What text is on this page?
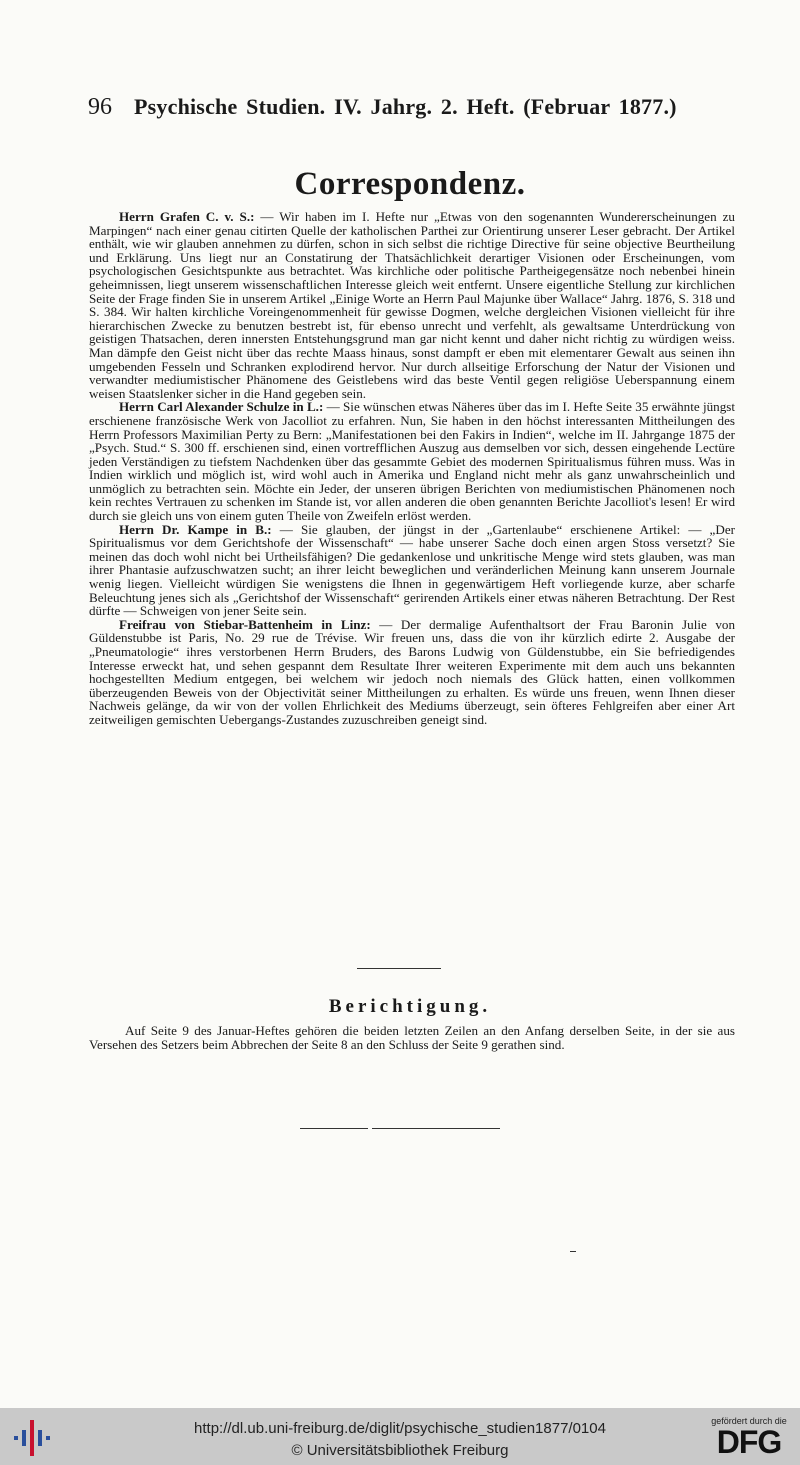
96 Psychische Studien. IV. Jahrg. 2. Heft. (Februar 1877.)
Correspondenz.

Herrn Grafen C. v. S.: — Wir haben im I. Hefte nur „Etwas von den sogenannten Wundererscheinungen zu Marpingen“ nach einer genau citirten Quelle der katholischen Parthei zur Orientirung unserer Leser gebracht. Der Artikel enthält, wie wir glauben annehmen zu dürfen, schon in sich selbst die richtige Directive für seine objective Beurtheilung und Erklärung. Uns liegt nur an Constatirung der Thatsächlichkeit derartiger Visionen oder Erscheinungen, vom psychologischen Gesichtspunkte aus betrachtet. Was kirchliche oder politische Partheigegensätze noch nebenbei hinein geheimnissen, liegt unserem wissenschaftlichen Interesse gleich weit entfernt. Unsere eigentliche Stellung zur kirchlichen Seite der Frage finden Sie in unserem Artikel „Einige Worte an Herrn Paul Majunke über Wallace“ Jahrg. 1876, S. 318 und S. 384. Wir halten kirchliche Voreingenommenheit für gewisse Dogmen, welche dergleichen Visionen vielleicht für ihre hierarchischen Zwecke zu benutzen bestrebt ist, für ebenso unrecht und verfehlt, als gewaltsame Unterdrückung von geistigen Thatsachen, deren innersten Entstehungsgrund man gar nicht kennt und daher nicht richtig zu würdigen weiss. Man dämpfe den Geist nicht über das rechte Maass hinaus, sonst dampft er eben mit elementarer Gewalt aus seinen ihn umgebenden Fesseln und Schranken explodirend hervor. Nur durch allseitige Erforschung der Natur der Visionen und verwandter mediumistischer Phänomene des Geistlebens wird das beste Ventil gegen religiöse Ueberspannung einem weisen Staatslenker sicher in die Hand gegeben sein.

Herrn Carl Alexander Schulze in L.: — Sie wünschen etwas Näheres über das im I. Hefte Seite 35 erwähnte jüngst erschienene französische Werk von Jacolliot zu erfahren. Nun, Sie haben in den höchst interessanten Mittheilungen des Herrn Professors Maximilian Perty zu Bern: „Manifestationen bei den Fakirs in Indien“, welche im II. Jahrgange 1875 der „Psych. Stud.“ S. 300 ff. erschienen sind, einen vortrefflichen Auszug aus demselben vor sich, dessen eingehende Lectüre jeden Verständigen zu tiefstem Nachdenken über das gesammte Gebiet des modernen Spiritualismus führen muss. Was in Indien wirklich und möglich ist, wird wohl auch in Amerika und England nicht mehr als ganz unwahrscheinlich und unmöglich zu betrachten sein. Möchte ein Jeder, der unseren übrigen Berichten von mediumistischen Phänomenen noch kein rechtes Vertrauen zu schenken im Stande ist, vor allen anderen die oben genannten Berichte Jacolliot's lesen! Er wird durch sie gleich uns von einem guten Theile von Zweifeln erlöst werden.

Herrn Dr. Kampe in B.: — Sie glauben, der jüngst in der „Gartenlaube“ erschienene Artikel: — „Der Spiritualismus vor dem Gerichtshofe der Wissenschaft“ — habe unserer Sache doch einen argen Stoss versetzt? Sie meinen das doch wohl nicht bei Urtheilsfähigen? Die gedankenlose und unkritische Menge wird stets glauben, was man ihrer Phantasie aufzuschwatzen sucht; an ihrer leicht beweglichen und veränderlichen Meinung kann unserem Journale wenig liegen. Vielleicht würdigen Sie wenigstens die Ihnen in gegenwärtigem Heft vorliegende kurze, aber scharfe Beleuchtung jenes sich als „Gerichtshof der Wissenschaft“ gerirenden Artikels einer etwas näheren Betrachtung. Der Rest dürfte — Schweigen von jener Seite sein.

Freifrau von Stiebar-Battenheim in Linz: — Der dermalige Aufenthaltsort der Frau Baronin Julie von Güldenstubbe ist Paris, No. 29 rue de Trévise. Wir freuen uns, dass die von ihr kürzlich edirte 2. Ausgabe der „Pneumatologie“ ihres verstorbenen Herrn Bruders, des Barons Ludwig von Güldenstubbe, ein Sie befriedigendes Interesse erweckt hat, und sehen gespannt dem Resultate Ihrer weiteren Experimente mit dem auch uns bekannten hochgestellten Medium entgegen, bei welchem wir jedoch noch niemals des Glück hatten, einen vollkommen überzeugenden Beweis von der Objectivität seiner Mittheilungen zu erhalten. Es würde uns freuen, wenn Ihnen dieser Nachweis gelänge, da wir von der vollen Ehrlichkeit des Mediums überzeugt, sein öfteres Fehlgreifen aber einer Art zeitweiligen gemischten Uebergangs-Zustandes zuzuschreiben geneigt sind.

Berichtigung.

Auf Seite 9 des Januar-Heftes gehören die beiden letzten Zeilen an den Anfang derselben Seite, in der sie aus Versehen des Setzers beim Abbrechen der Seite 8 an den Schluss der Seite 9 gerathen sind.

http://dl.ub.uni-freiburg.de/diglit/psychische_studien1877/0104
© Universitätsbibliothek Freiburg
gefördert durch die
DFG
